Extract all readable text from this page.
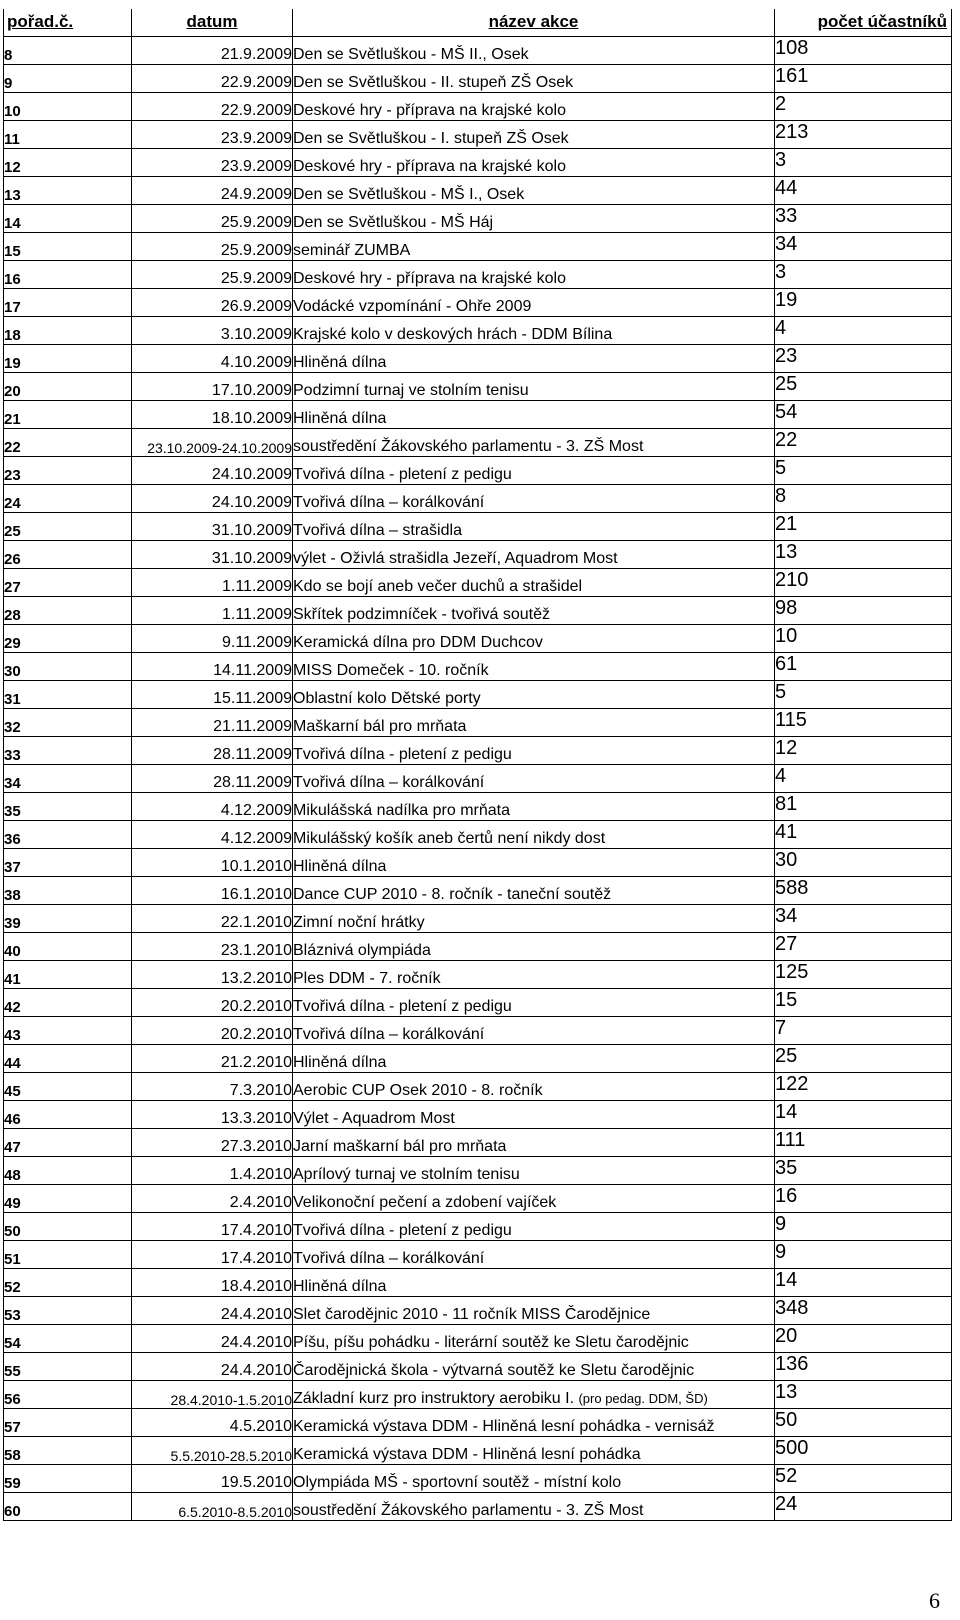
pořad.č.	datum	název akce	počet účastníků
8	21.9.2009	Den se Světluškou - MŠ II., Osek	108
9	22.9.2009	Den se Světluškou - II. stupeň ZŠ Osek	161
10	22.9.2009	Deskové hry - příprava na krajské kolo	2
11	23.9.2009	Den se Světluškou - I. stupeň ZŠ Osek	213
12	23.9.2009	Deskové hry - příprava na krajské kolo	3
13	24.9.2009	Den se Světluškou - MŠ I., Osek	44
14	25.9.2009	Den se Světluškou - MŠ Háj	33
15	25.9.2009	seminář ZUMBA	34
16	25.9.2009	Deskové hry - příprava na krajské kolo	3
17	26.9.2009	Vodácké vzpomínání - Ohře 2009	19
18	3.10.2009	Krajské kolo v deskových hrách - DDM Bílina	4
19	4.10.2009	Hliněná dílna	23
20	17.10.2009	Podzimní turnaj ve stolním tenisu	25
21	18.10.2009	Hliněná dílna	54
22	23.10.2009-24.10.2009	soustředění Žákovského parlamentu - 3. ZŠ Most	22
23	24.10.2009	Tvořivá dílna - pletení z pedigu	5
24	24.10.2009	Tvořivá dílna – korálkování	8
25	31.10.2009	Tvořivá dílna – strašidla	21
26	31.10.2009	výlet - Oživlá strašidla Jezeří, Aquadrom Most	13
27	1.11.2009	Kdo se bojí aneb večer duchů a strašidel	210
28	1.11.2009	Skřítek podzimníček - tvořivá soutěž	98
29	9.11.2009	Keramická dílna pro DDM Duchcov	10
30	14.11.2009	MISS Domeček - 10. ročník	61
31	15.11.2009	Oblastní kolo Dětské porty	5
32	21.11.2009	Maškarní bál pro mrňata	115
33	28.11.2009	Tvořivá dílna - pletení z pedigu	12
34	28.11.2009	Tvořivá dílna – korálkování	4
35	4.12.2009	Mikulášská nadílka pro mrňata	81
36	4.12.2009	Mikulášský košík aneb čertů není nikdy dost	41
37	10.1.2010	Hliněná dílna	30
38	16.1.2010	Dance CUP 2010 - 8. ročník - taneční soutěž	588
39	22.1.2010	Zimní noční hrátky	34
40	23.1.2010	Bláznivá olympiáda	27
41	13.2.2010	Ples DDM - 7. ročník	125
42	20.2.2010	Tvořivá dílna - pletení z pedigu	15
43	20.2.2010	Tvořivá dílna – korálkování	7
44	21.2.2010	Hliněná dílna	25
45	7.3.2010	Aerobic CUP Osek 2010 - 8. ročník	122
46	13.3.2010	Výlet - Aquadrom Most	14
47	27.3.2010	Jarní maškarní bál pro mrňata	111
48	1.4.2010	Aprílový turnaj ve stolním tenisu	35
49	2.4.2010	Velikonoční pečení a zdobení vajíček	16
50	17.4.2010	Tvořivá dílna - pletení z pedigu	9
51	17.4.2010	Tvořivá dílna – korálkování	9
52	18.4.2010	Hliněná dílna	14
53	24.4.2010	Slet čarodějnic 2010 - 11 ročník MISS Čarodějnice	348
54	24.4.2010	Píšu, píšu pohádku - literární soutěž ke Sletu čarodějnic	20
55	24.4.2010	Čarodějnická škola - výtvarná soutěž ke Sletu čarodějnic	136
56	28.4.2010-1.5.2010	Základní kurz pro instruktory aerobiku I. (pro pedag. DDM, ŠD)	13
57	4.5.2010	Keramická výstava DDM - Hliněná lesní pohádka - vernisáž	50
58	5.5.2010-28.5.2010	Keramická výstava DDM - Hliněná lesní pohádka	500
59	19.5.2010	Olympiáda MŠ - sportovní soutěž - místní kolo	52
60	6.5.2010-8.5.2010	soustředění Žákovského parlamentu - 3. ZŠ Most	24
6
